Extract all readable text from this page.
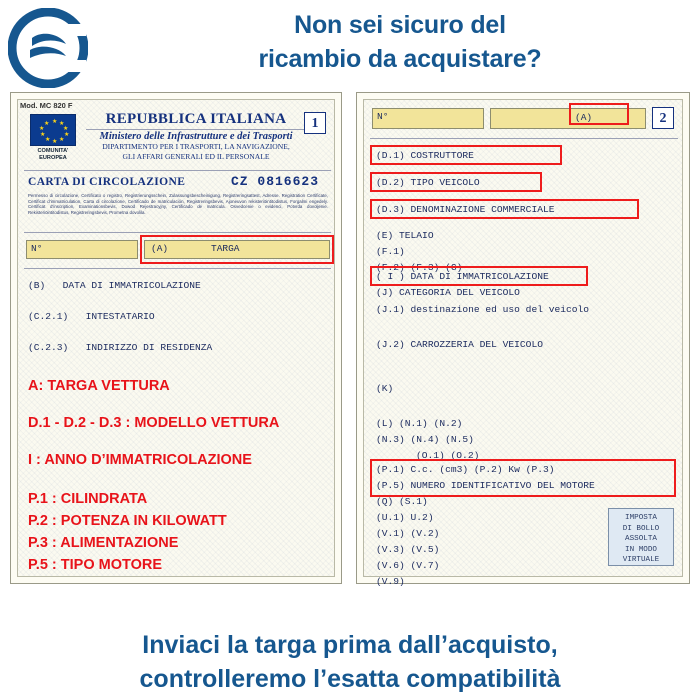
Non sei sicuro del
ricambio da acquistare?
Mod. MC 820 F
★ ★
★
★
★
★
★
★
★
★
COMUNITA’
EUROPEA
REPUBBLICA ITALIANA
Ministero delle Infrastrutture e dei Trasporti
DIPARTIMENTO PER I TRASPORTI, LA NAVIGAZIONE,
GLI AFFARI GENERALI ED IL PERSONALE
1
CARTA DI CIRCOLAZIONE	CZ 0816623
Permesso di circolazione, Certificato o registro, Registrierungsschein, Zulassungsbescheinigung, Registreringsattest, Adresse. Registration Certificate, Certificat d’immatriculation, Carta di circolazione, Certificado de matriculación, Registreringsbevis, Ajoneuvon rekisteriöintitodistus, Forgalmi engedely. Certificat d’inscription, Examinationsbevis, Dowod Rejestracyjny, Certificado de matricula. Osvedcenie o evidenci, Potvrda dovoljenie. Rekisteriöintitodistus, Registreringsbevis, Prometna dovolila.
N°	(A)	TARGA
(B) DATA DI IMMATRICOLAZIONE
(C.2.1) INTESTATARIO
(C.2.3) INDIRIZZO DI RESIDENZA
A: TARGA VETTURA
D.1 - D.2 - D.3 : MODELLO VETTURA
I : ANNO D’IMMATRICOLAZIONE
P.1 : CILINDRATA
P.2 : POTENZA IN KILOWATT
P.3 : ALIMENTAZIONE
P.5 : TIPO MOTORE
N°	(A)	2
(D.1) COSTRUTTORE
(D.2) TIPO VEICOLO
(D.3) DENOMINAZIONE COMMERCIALE
(E) TELAIO
(F.1)
(F.2) (F.3) (G)
( I ) DATA DI IMMATRICOLAZIONE
(J) CATEGORIA DEL VEICOLO
(J.1) destinazione ed uso del veicolo
(J.2) CARROZZERIA DEL VEICOLO
(K)
(L) (N.1) (N.2)
(N.3) (N.4) (N.5)
(O.1) (O.2)
(P.1) C.c. (cm3) (P.2) Kw (P.3)
(P.5) NUMERO IDENTIFICATIVO DEL MOTORE
(Q) (S.1)
(U.1) U.2)
(V.1) (V.2)
(V.3) (V.5)
(V.6) (V.7)
(V.9)
IMPOSTA
DI BOLLO
ASSOLTA
IN MODO
VIRTUALE
Inviaci la targa prima dall’acquisto,
controlleremo l’esatta compatibilità
